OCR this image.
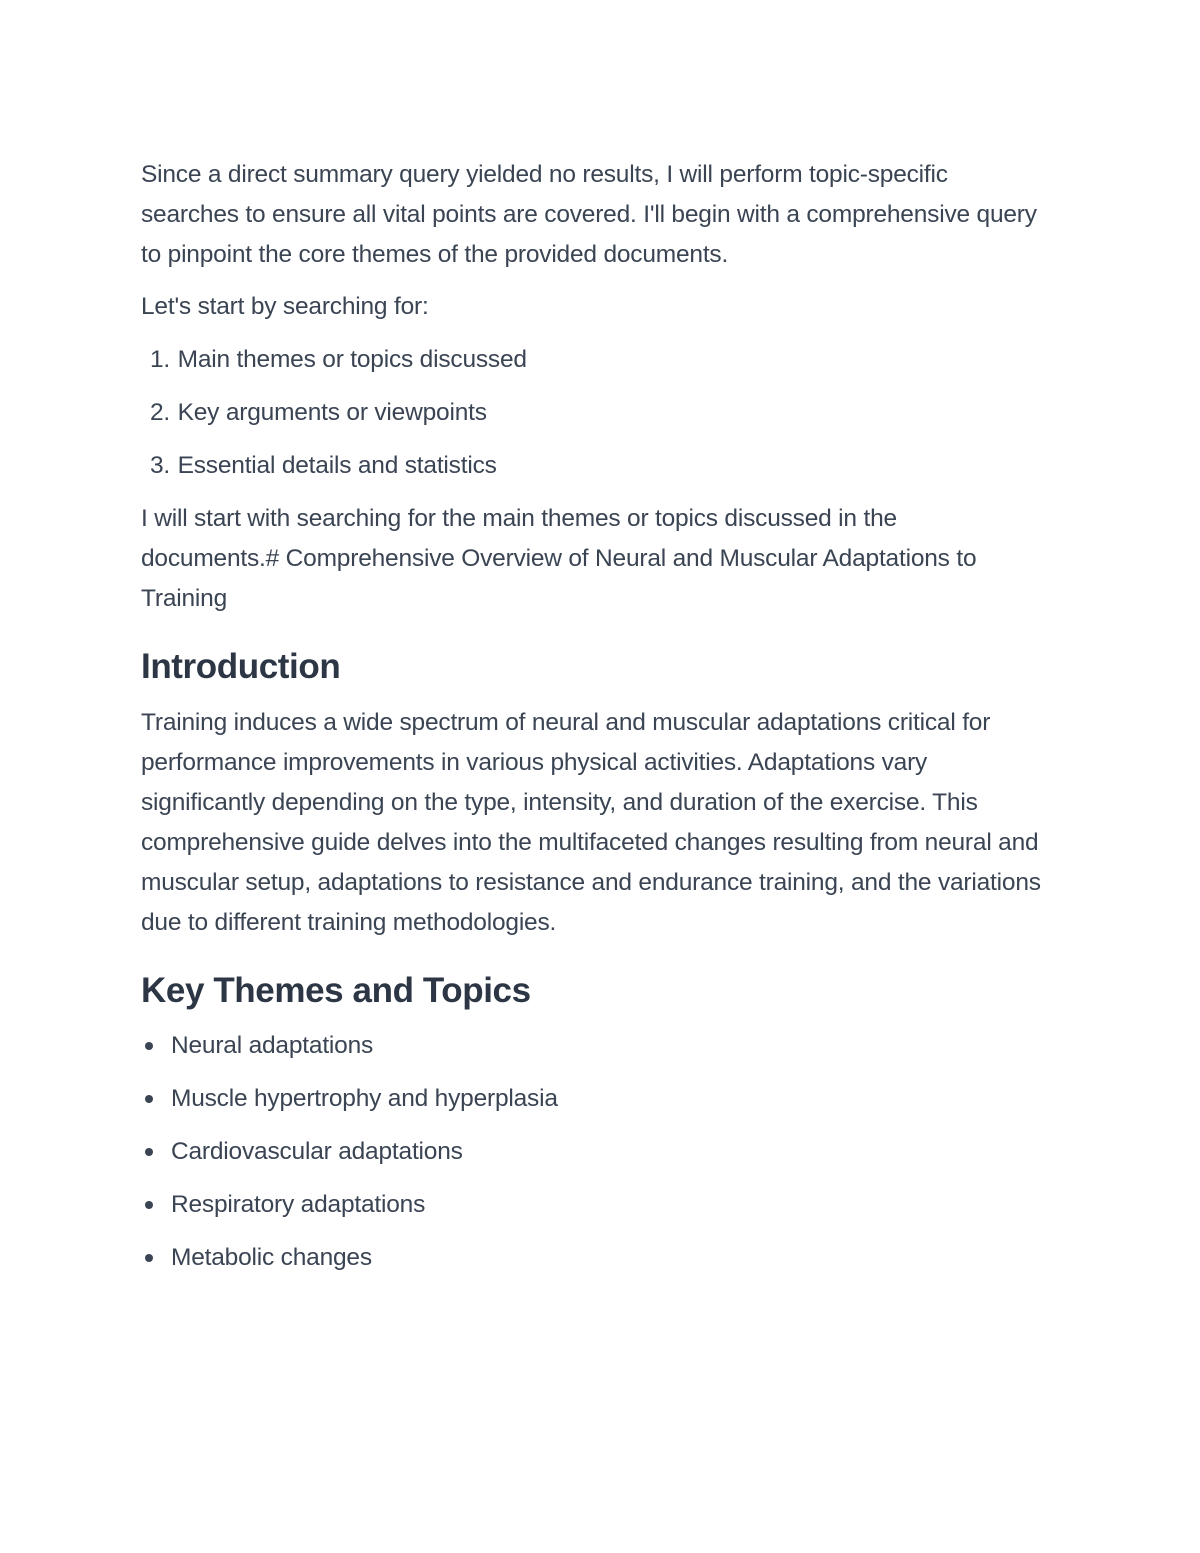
Since a direct summary query yielded no results, I will perform topic-specific searches to ensure all vital points are covered. I'll begin with a comprehensive query to pinpoint the core themes of the provided documents.

Let's start by searching for:

1. Main themes or topics discussed
2. Key arguments or viewpoints
3. Essential details and statistics

I will start with searching for the main themes or topics discussed in the documents.# Comprehensive Overview of Neural and Muscular Adaptations to Training

Introduction

Training induces a wide spectrum of neural and muscular adaptations critical for performance improvements in various physical activities. Adaptations vary significantly depending on the type, intensity, and duration of the exercise. This comprehensive guide delves into the multifaceted changes resulting from neural and muscular setup, adaptations to resistance and endurance training, and the variations due to different training methodologies.

Key Themes and Topics
Neural adaptations
Muscle hypertrophy and hyperplasia
Cardiovascular adaptations
Respiratory adaptations
Metabolic changes
